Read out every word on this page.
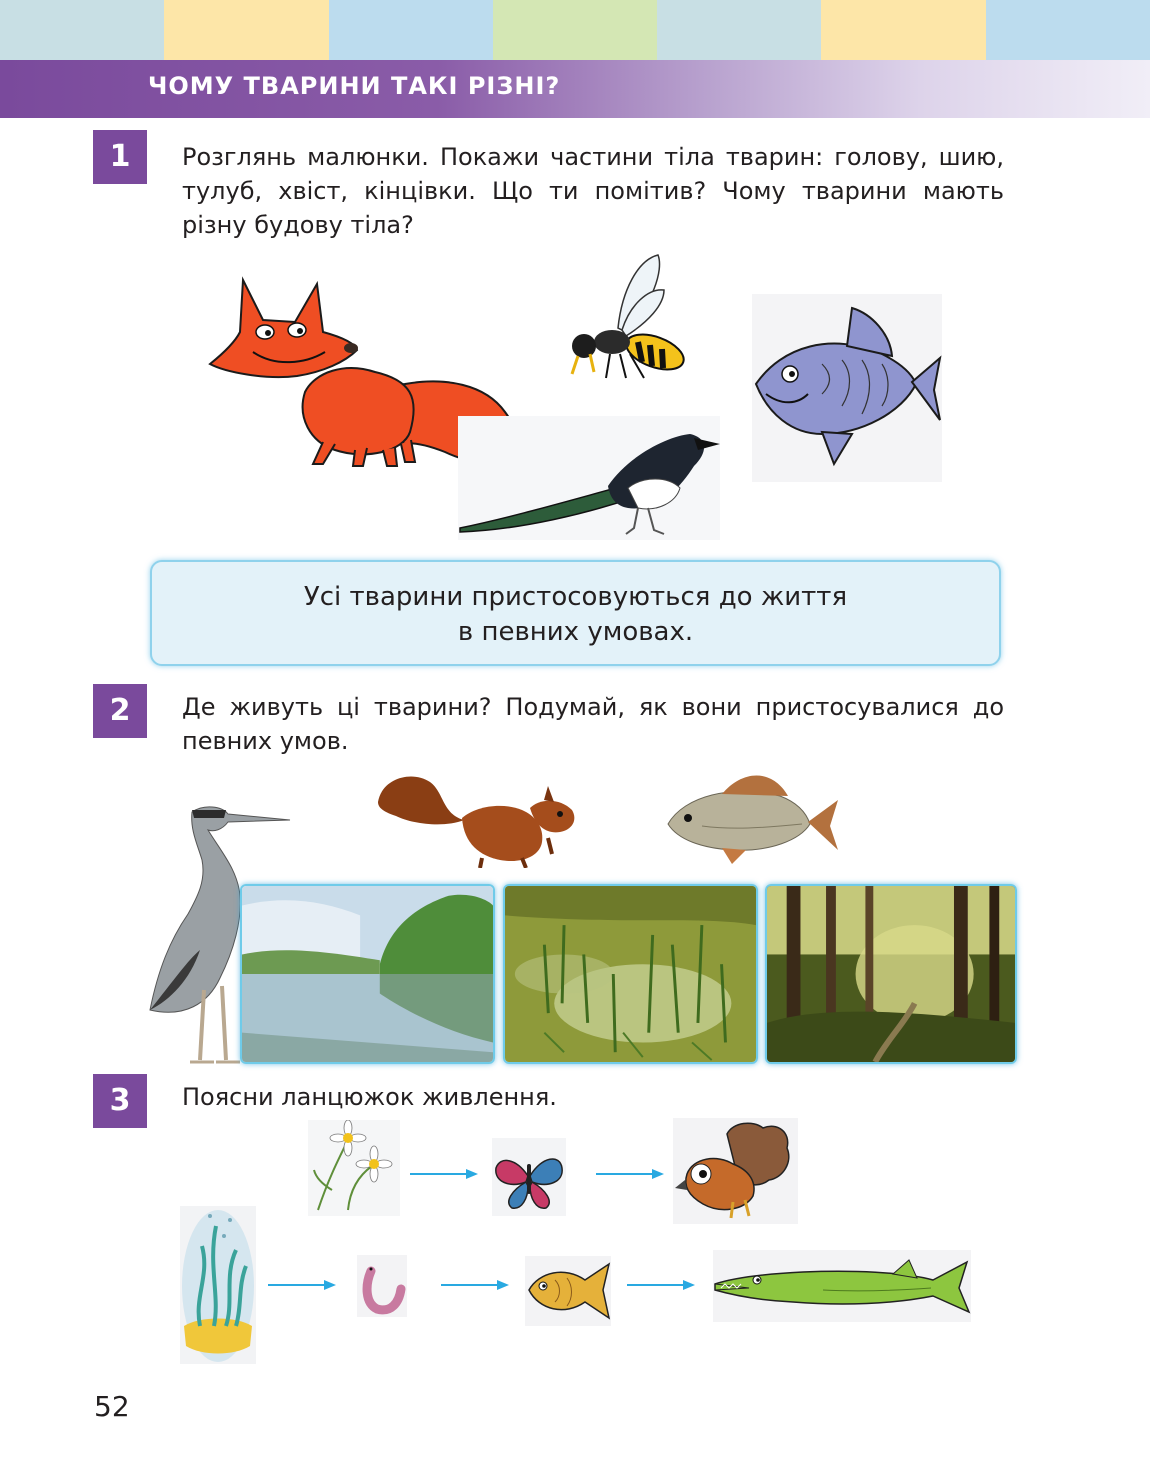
ЧОМУ ТВАРИНИ ТАКІ РІЗНІ?
1	Розглянь малюнки. Покажи частини тіла тварин: голову, шию, тулуб, хвіст, кінцівки. Що ти помітив? Чому тварини мають різну будову тіла?
Усі тварини пристосовуються до життя
в певних умовах.
2	Де живуть ці тварини? Подумай, як вони пристосувалися до певних умов.
3	Поясни ланцюжок живлення.
52
